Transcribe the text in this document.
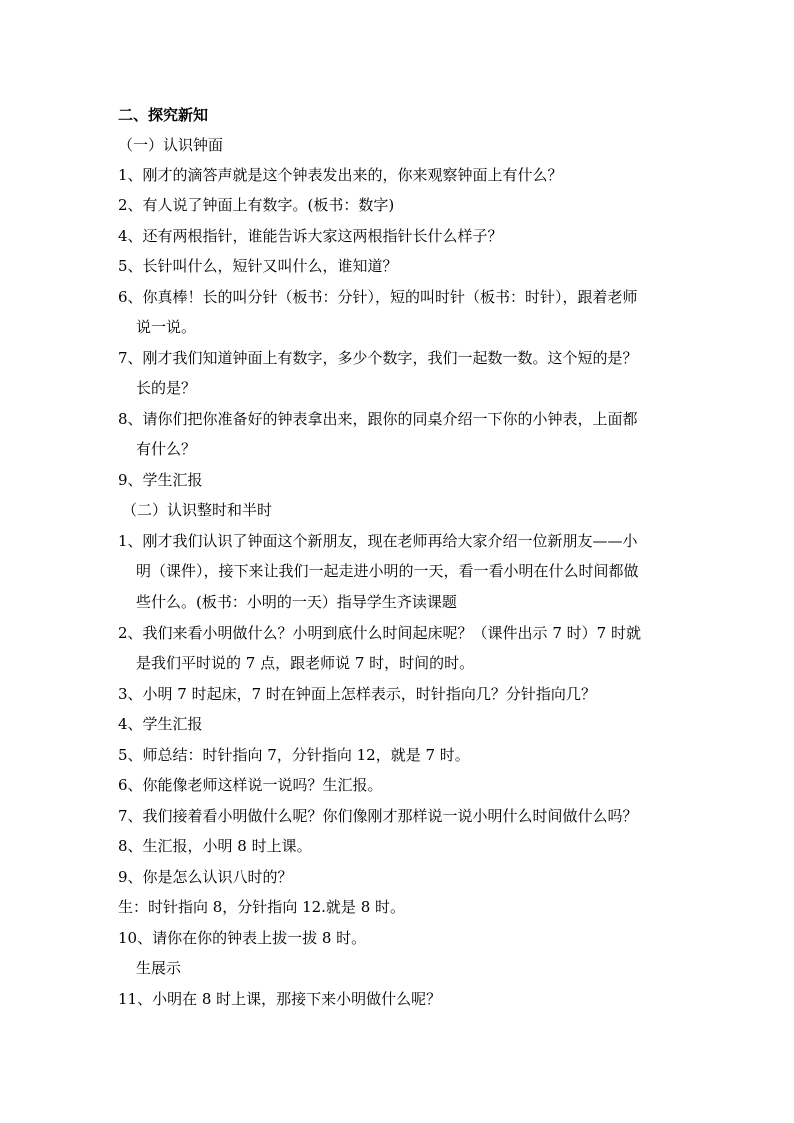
二、探究新知
（一）认识钟面
1、刚才的滴答声就是这个钟表发出来的，你来观察钟面上有什么？
2、有人说了钟面上有数字。(板书：数字)
4、还有两根指针，谁能告诉大家这两根指针长什么样子？
5、长针叫什么，短针又叫什么，谁知道？
6、你真棒！长的叫分针（板书：分针），短的叫时针（板书：时针），跟着老师
说一说。
7、刚才我们知道钟面上有数字，多少个数字，我们一起数一数。这个短的是？
长的是？
8、请你们把你准备好的钟表拿出来，跟你的同桌介绍一下你的小钟表，上面都
有什么？
9、学生汇报
（二）认识整时和半时
1、刚才我们认识了钟面这个新朋友，现在老师再给大家介绍一位新朋友——小
明（课件），接下来让我们一起走进小明的一天，看一看小明在什么时间都做
些什么。(板书：小明的一天）指导学生齐读课题
2、我们来看小明做什么？小明到底什么时间起床呢？（课件出示 7 时）7 时就
是我们平时说的 7 点，跟老师说 7 时，时间的时。
3、小明 7 时起床，7 时在钟面上怎样表示，时针指向几？分针指向几？
4、学生汇报
5、师总结：时针指向 7，分针指向 12，就是 7 时。
6、你能像老师这样说一说吗？生汇报。
7、我们接着看小明做什么呢？你们像刚才那样说一说小明什么时间做什么吗？
8、生汇报，小明 8 时上课。
9、你是怎么认识八时的？
生：时针指向 8，分针指向 12.就是 8 时。
10、请你在你的钟表上拔一拔 8 时。
生展示
11、小明在 8 时上课，那接下来小明做什么呢？
